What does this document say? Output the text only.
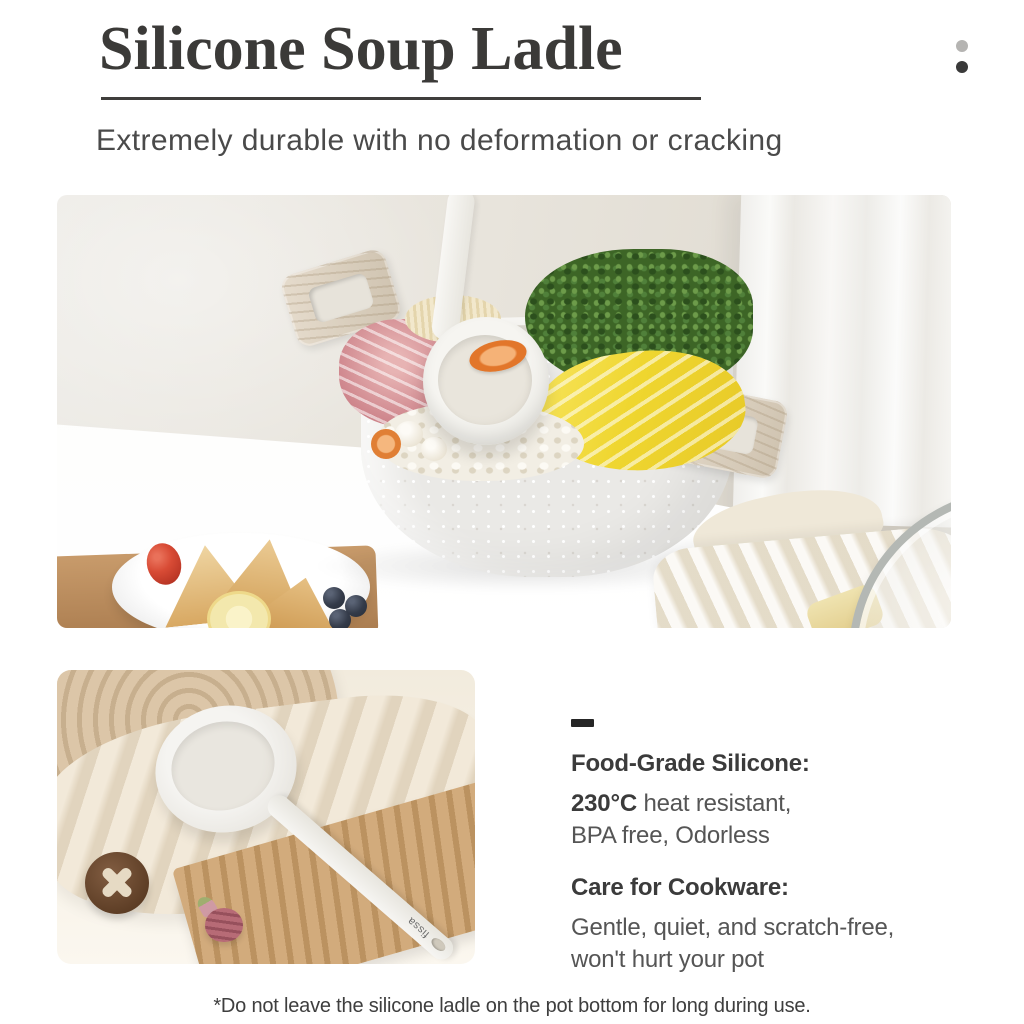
Silicone Soup Ladle
Extremely durable with no deformation or cracking
fissa
Food-Grade Silicone:
230°C heat resistant,
BPA free, Odorless
Care for Cookware:
Gentle, quiet, and scratch-free,
won't hurt your pot
*Do not leave the silicone ladle on the pot bottom for long during use.
